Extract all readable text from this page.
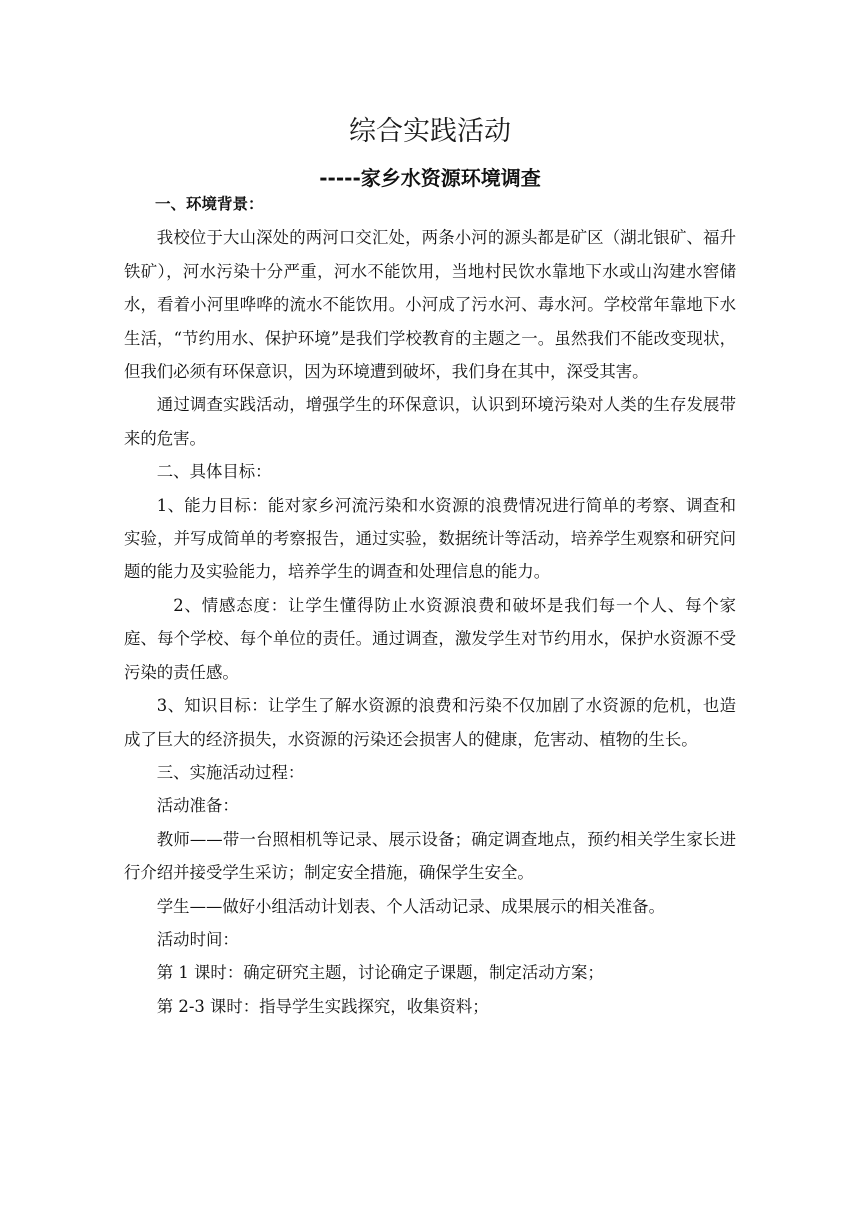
综合实践活动
-----家乡水资源环境调查

一、环境背景：

我校位于大山深处的两河口交汇处，两条小河的源头都是矿区（湖北银矿、福升铁矿），河水污染十分严重，河水不能饮用，当地村民饮水靠地下水或山沟建水窖储水，看着小河里哗哗的流水不能饮用。小河成了污水河、毒水河。学校常年靠地下水生活，“节约用水、保护环境”是我们学校教育的主题之一。虽然我们不能改变现状，但我们必须有环保意识，因为环境遭到破坏，我们身在其中，深受其害。

通过调查实践活动，增强学生的环保意识，认识到环境污染对人类的生存发展带来的危害。

二、具体目标：

1、能力目标：能对家乡河流污染和水资源的浪费情况进行简单的考察、调查和实验，并写成简单的考察报告，通过实验，数据统计等活动，培养学生观察和研究问题的能力及实验能力，培养学生的调查和处理信息的能力。

2、情感态度：让学生懂得防止水资源浪费和破坏是我们每一个人、每个家庭、每个学校、每个单位的责任。通过调查，激发学生对节约用水，保护水资源不受污染的责任感。

3、知识目标：让学生了解水资源的浪费和污染不仅加剧了水资源的危机，也造成了巨大的经济损失，水资源的污染还会损害人的健康，危害动、植物的生长。

三、实施活动过程：

活动准备：

教师——带一台照相机等记录、展示设备；确定调查地点，预约相关学生家长进行介绍并接受学生采访；制定安全措施，确保学生安全。

学生——做好小组活动计划表、个人活动记录、成果展示的相关准备。

活动时间：

第 1 课时：确定研究主题，讨论确定子课题，制定活动方案；

第 2-3 课时：指导学生实践探究，收集资料；
